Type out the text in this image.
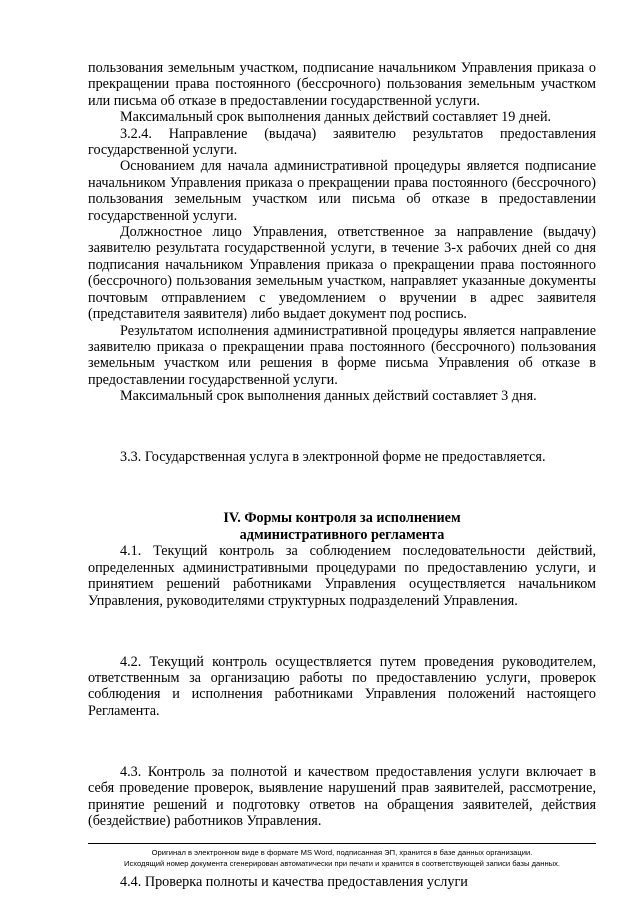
пользования земельным участком, подписание начальником Управления приказа о прекращении права постоянного (бессрочного) пользования земельным участком или письма об отказе в предоставлении государственной услуги.

Максимальный срок выполнения данных действий составляет 19 дней.

3.2.4. Направление (выдача) заявителю результатов предоставления государственной услуги.

Основанием для начала административной процедуры является подписание начальником Управления приказа о прекращении права постоянного (бессрочного) пользования земельным участком или письма об отказе в предоставлении государственной услуги.

Должностное лицо Управления, ответственное за направление (выдачу) заявителю результата государственной услуги, в течение 3-х рабочих дней со дня подписания начальником Управления приказа о прекращении права постоянного (бессрочного) пользования земельным участком, направляет указанные документы почтовым отправлением с уведомлением о вручении в адрес заявителя (представителя заявителя) либо выдает документ под роспись.

Результатом исполнения административной процедуры является направление заявителю приказа о прекращении права постоянного (бессрочного) пользования земельным участком или решения в форме письма Управления об отказе в предоставлении государственной услуги.

Максимальный срок выполнения данных действий составляет 3 дня.

3.3. Государственная услуга в электронной форме не предоставляется.

IV. Формы контроля за исполнением
административного регламента

4.1. Текущий контроль за соблюдением последовательности действий, определенных административными процедурами по предоставлению услуги, и принятием решений работниками Управления осуществляется начальником Управления, руководителями структурных подразделений Управления.

4.2. Текущий контроль осуществляется путем проведения руководителем, ответственным за организацию работы по предоставлению услуги, проверок соблюдения и исполнения работниками Управления положений настоящего Регламента.

4.3. Контроль за полнотой и качеством предоставления услуги включает в себя проведение проверок, выявление нарушений прав заявителей, рассмотрение, принятие решений и подготовку ответов на обращения заявителей, действия (бездействие) работников Управления.

4.4. Проверка полноты и качества предоставления услуги

Оригинал в электронном виде в формате MS Word, подписанная ЭП, хранится в базе данных организации.
Исходящий номер документа сгенерирован автоматически при печати и хранится в соответствующей записи базы данных.
